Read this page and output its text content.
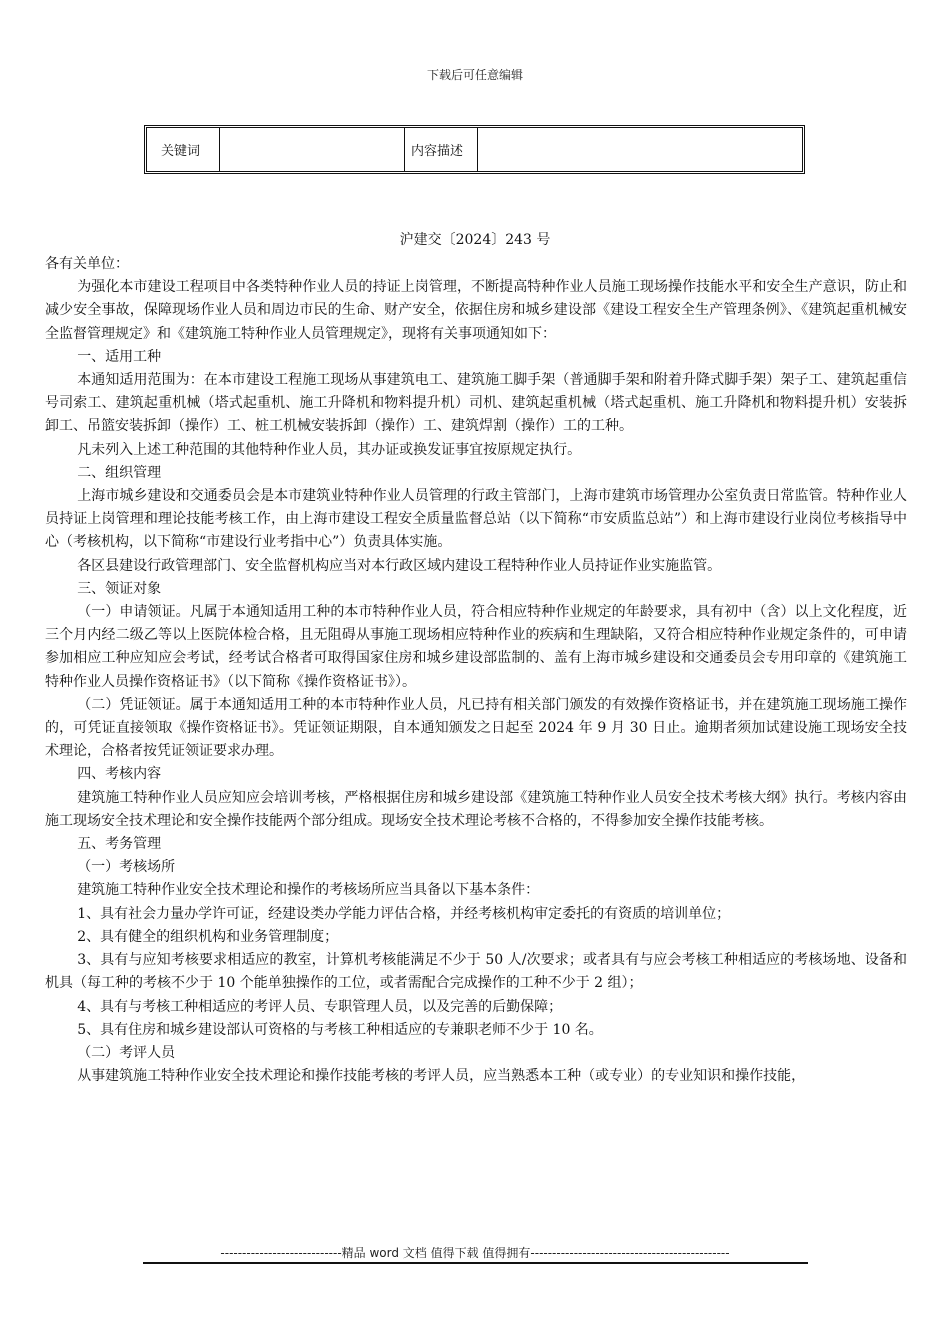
下载后可任意编辑
关键词	内容描述
沪建交〔2024〕243 号

各有关单位：

为强化本市建设工程项目中各类特种作业人员的持证上岗管理，不断提高特种作业人员施工现场操作技能水平和安全生产意识，防止和减少安全事故，保障现场作业人员和周边市民的生命、财产安全，依据住房和城乡建设部《建设工程安全生产管理条例》、《建筑起重机械安全监督管理规定》和《建筑施工特种作业人员管理规定》，现将有关事项通知如下：

一、适用工种

本通知适用范围为：在本市建设工程施工现场从事建筑电工、建筑施工脚手架（普通脚手架和附着升降式脚手架）架子工、建筑起重信号司索工、建筑起重机械（塔式起重机、施工升降机和物料提升机）司机、建筑起重机械（塔式起重机、施工升降机和物料提升机）安装拆卸工、吊篮安装拆卸（操作）工、桩工机械安装拆卸（操作）工、建筑焊割（操作）工的工种。

凡未列入上述工种范围的其他特种作业人员，其办证或换发证事宜按原规定执行。

二、组织管理

上海市城乡建设和交通委员会是本市建筑业特种作业人员管理的行政主管部门，上海市建筑市场管理办公室负责日常监管。特种作业人员持证上岗管理和理论技能考核工作，由上海市建设工程安全质量监督总站（以下简称“市安质监总站”）和上海市建设行业岗位考核指导中心（考核机构，以下简称“市建设行业考指中心”）负责具体实施。

各区县建设行政管理部门、安全监督机构应当对本行政区域内建设工程特种作业人员持证作业实施监管。

三、领证对象

（一）申请领证。凡属于本通知适用工种的本市特种作业人员，符合相应特种作业规定的年龄要求，具有初中（含）以上文化程度，近三个月内经二级乙等以上医院体检合格，且无阻碍从事施工现场相应特种作业的疾病和生理缺陷，又符合相应特种作业规定条件的，可申请参加相应工种应知应会考试，经考试合格者可取得国家住房和城乡建设部监制的、盖有上海市城乡建设和交通委员会专用印章的《建筑施工特种作业人员操作资格证书》（以下简称《操作资格证书》）。

（二）凭证领证。属于本通知适用工种的本市特种作业人员，凡已持有相关部门颁发的有效操作资格证书，并在建筑施工现场施工操作的，可凭证直接领取《操作资格证书》。凭证领证期限，自本通知颁发之日起至 2024 年 9 月 30 日止。逾期者须加试建设施工现场安全技术理论，合格者按凭证领证要求办理。

四、考核内容

建筑施工特种作业人员应知应会培训考核，严格根据住房和城乡建设部《建筑施工特种作业人员安全技术考核大纲》执行。考核内容由施工现场安全技术理论和安全操作技能两个部分组成。现场安全技术理论考核不合格的，不得参加安全操作技能考核。

五、考务管理

（一）考核场所

建筑施工特种作业安全技术理论和操作的考核场所应当具备以下基本条件：

1、具有社会力量办学许可证，经建设类办学能力评估合格，并经考核机构审定委托的有资质的培训单位；

2、具有健全的组织机构和业务管理制度；

3、具有与应知考核要求相适应的教室，计算机考核能满足不少于 50 人/次要求；或者具有与应会考核工种相适应的考核场地、设备和机具（每工种的考核不少于 10 个能单独操作的工位，或者需配合完成操作的工种不少于 2 组）；

4、具有与考核工种相适应的考评人员、专职管理人员，以及完善的后勤保障；

5、具有住房和城乡建设部认可资格的与考核工种相适应的专兼职老师不少于 10 名。

（二）考评人员

从事建筑施工特种作业安全技术理论和操作技能考核的考评人员，应当熟悉本工种（或专业）的专业知识和操作技能，

----------------------------精品 word 文档 值得下载 值得拥有----------------------------------------------
